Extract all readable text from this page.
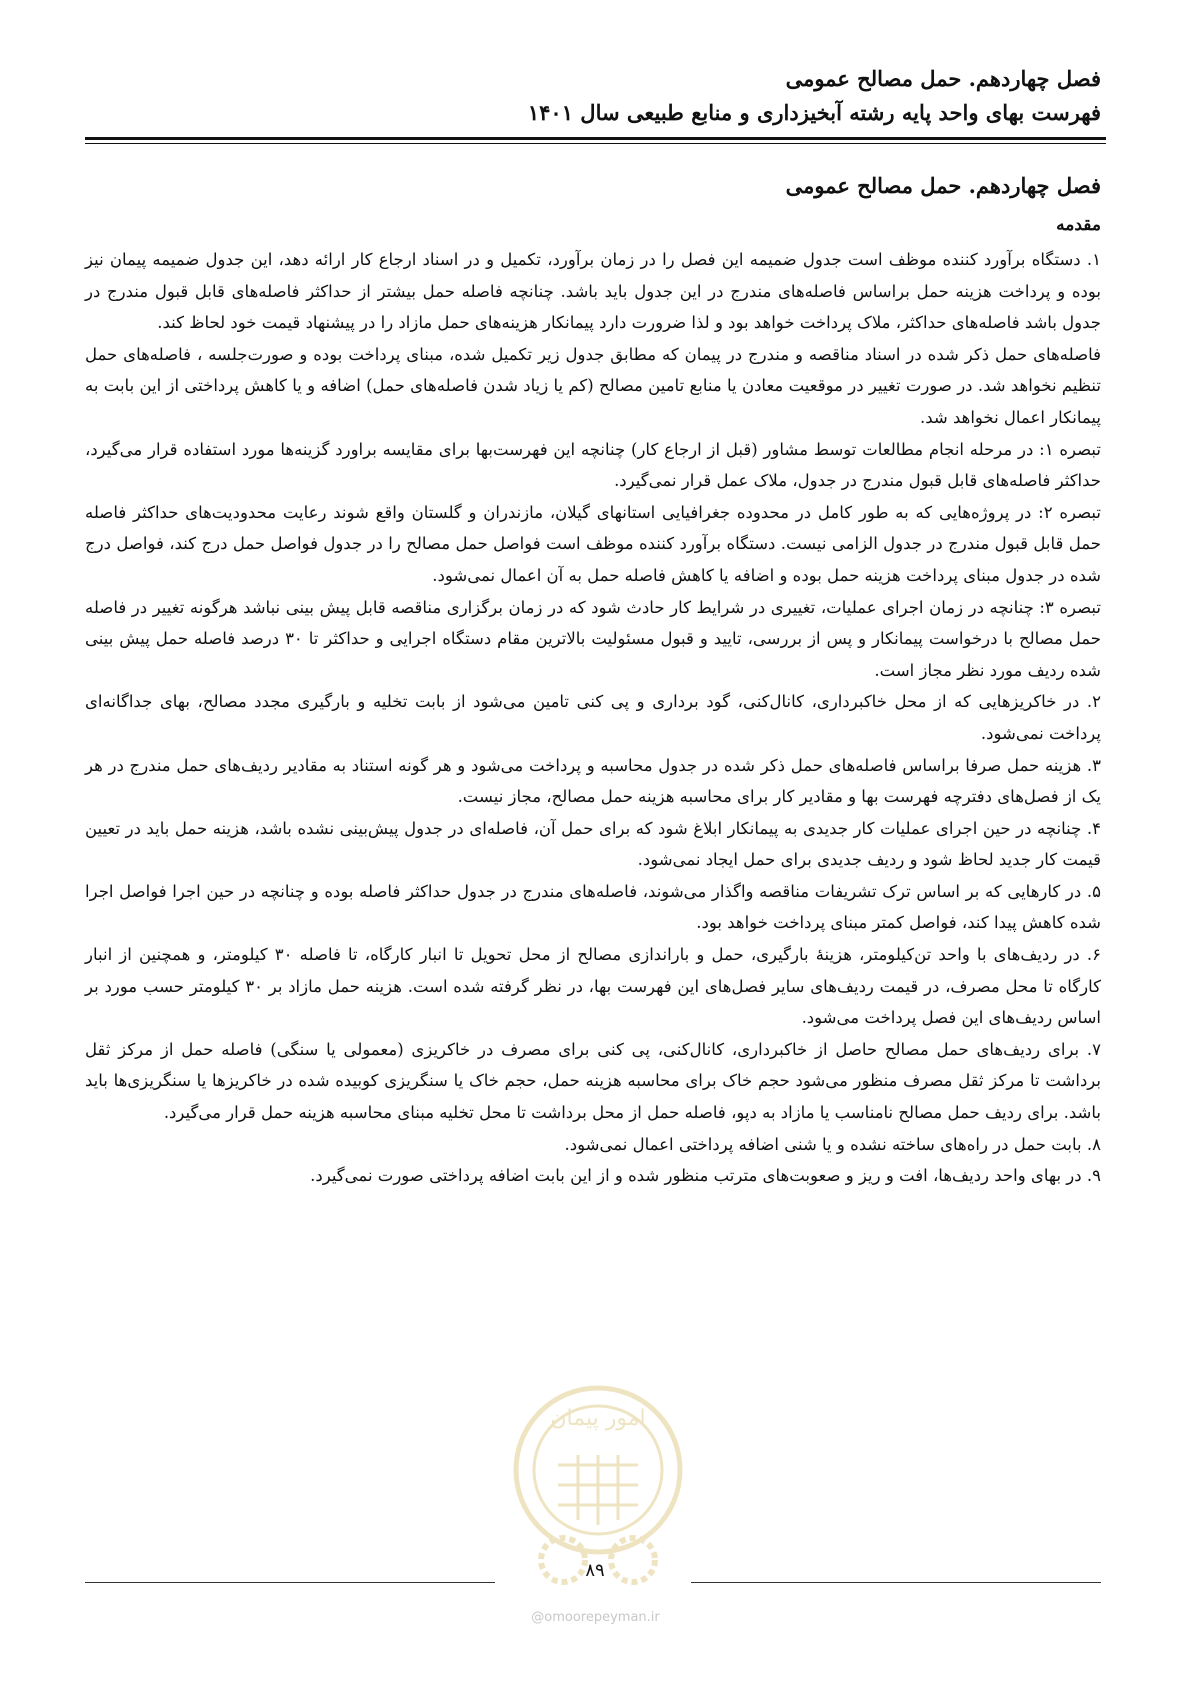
فصل چهاردهم. حمل مصالح عمومی
فهرست بهای واحد پایه رشته آبخیزداری و منابع طبیعی سال ۱۴۰۱
فصل چهاردهم. حمل مصالح عمومی
مقدمه

۱. دستگاه برآورد کننده موظف است جدول ضمیمه این فصل را در زمان برآورد، تکمیل و در اسناد ارجاع کار ارائه دهد، این جدول ضمیمه پیمان نیز بوده و پرداخت هزینه حمل براساس فاصله‌های مندرج در این جدول باید باشد. چنانچه فاصله حمل بیشتر از حداکثر فاصله‌های قابل قبول مندرج در جدول باشد فاصله‌های حداکثر، ملاک پرداخت خواهد بود و لذا ضرورت دارد پیمانکار هزینه‌های حمل مازاد را در پیشنهاد قیمت خود لحاظ کند.

فاصله‌های حمل ذکر شده در اسناد مناقصه و مندرج در پیمان که مطابق جدول زیر تکمیل شده، مبنای پرداخت بوده و صورت‌جلسه ، فاصله‌های حمل تنظیم نخواهد شد. در صورت تغییر در موقعیت معادن یا منابع تامین مصالح (کم یا زیاد شدن فاصله‌های حمل) اضافه و یا کاهش پرداختی از این بابت به پیمانکار اعمال نخواهد شد.

تبصره ۱: در مرحله انجام مطالعات توسط مشاور (قبل از ارجاع کار) چنانچه این فهرست‌بها برای مقایسه براورد گزینه‌ها مورد استفاده قرار می‌گیرد، حداکثر فاصله‌های قابل قبول مندرج در جدول، ملاک عمل قرار نمی‌گیرد.

تبصره ۲: در پروژه‌هایی که به طور کامل در محدوده جغرافیایی استانهای گیلان، مازندران و گلستان واقع شوند رعایت محدودیت‌های حداکثر فاصله حمل قابل قبول مندرج در جدول الزامی نیست. دستگاه برآورد کننده موظف است فواصل حمل مصالح را در جدول فواصل حمل درج کند، فواصل درج شده در جدول مبنای پرداخت هزینه حمل بوده و اضافه یا کاهش فاصله حمل به آن اعمال نمی‌شود.

تبصره ۳: چنانچه در زمان اجرای عملیات، تغییری در شرایط کار حادث شود که در زمان برگزاری مناقصه قابل پیش بینی نباشد هرگونه تغییر در فاصله حمل مصالح با درخواست پیمانکار و پس از بررسی، تایید و قبول مسئولیت بالاترین مقام دستگاه اجرایی و حداکثر تا ۳۰ درصد فاصله حمل پیش بینی شده ردیف مورد نظر مجاز است.

۲. در خاکریزهایی که از محل خاکبرداری، کانال‌کنی، گود برداری و پی کنی تامین می‌شود از بابت تخلیه و بارگیری مجدد مصالح، بهای جداگانه‌ای پرداخت نمی‌شود.

۳. هزینه حمل صرفا براساس فاصله‌های حمل ذکر شده در جدول محاسبه و پرداخت می‌شود و هر گونه استناد به مقادیر ردیف‌های حمل مندرج در هر یک از فصل‌های دفترچه فهرست بها و مقادیر کار برای محاسبه هزینه حمل مصالح، مجاز نیست.

۴. چنانچه در حین اجرای عملیات کار جدیدی به پیمانکار ابلاغ شود که برای حمل آن، فاصله‌ای در جدول پیش‌بینی نشده باشد، هزینه حمل باید در تعیین قیمت کار جدید لحاظ شود و ردیف جدیدی برای حمل ایجاد نمی‌شود.

۵. در کارهایی که بر اساس ترک تشریفات مناقصه واگذار می‌شوند، فاصله‌های مندرج در جدول حداکثر فاصله بوده و چنانچه در حین اجرا فواصل اجرا شده کاهش پیدا کند، فواصل کمتر مبنای پرداخت خواهد بود.

۶. در ردیف‌های با واحد تن‌کیلومتر، هزینهٔ بارگیری، حمل و باراندازی مصالح از محل تحویل تا انبار کارگاه، تا فاصله ۳۰ کیلومتر، و همچنین از انبار کارگاه تا محل مصرف، در قیمت ردیف‌های سایر فصل‌های این فهرست بها، در نظر گرفته شده است. هزینه حمل مازاد بر ۳۰ کیلومتر حسب مورد بر اساس ردیف‌های این فصل پرداخت می‌شود.

۷. برای ردیف‌های حمل مصالح حاصل از خاکبرداری، کانال‌کنی، پی کنی برای مصرف در خاکریزی (معمولی یا سنگی) فاصله حمل از مرکز ثقل برداشت تا مرکز ثقل مصرف منظور می‌شود حجم خاک برای محاسبه هزینه حمل، حجم خاک یا سنگریزی کوبیده شده در خاکریزها یا سنگریزی‌ها باید باشد. برای ردیف حمل مصالح نامناسب یا مازاد به دپو، فاصله حمل از محل برداشت تا محل تخلیه مبنای محاسبه هزینه حمل قرار می‌گیرد.

۸. بابت حمل در راه‌های ساخته نشده و یا شنی اضافه پرداختی اعمال نمی‌شود.

۹. در بهای واحد ردیف‌ها، افت و ریز و صعوبت‌های مترتب منظور شده و از این بابت اضافه پرداختی صورت نمی‌گیرد.

امور پیمان
۸۹
@omoorepeyman.ir
